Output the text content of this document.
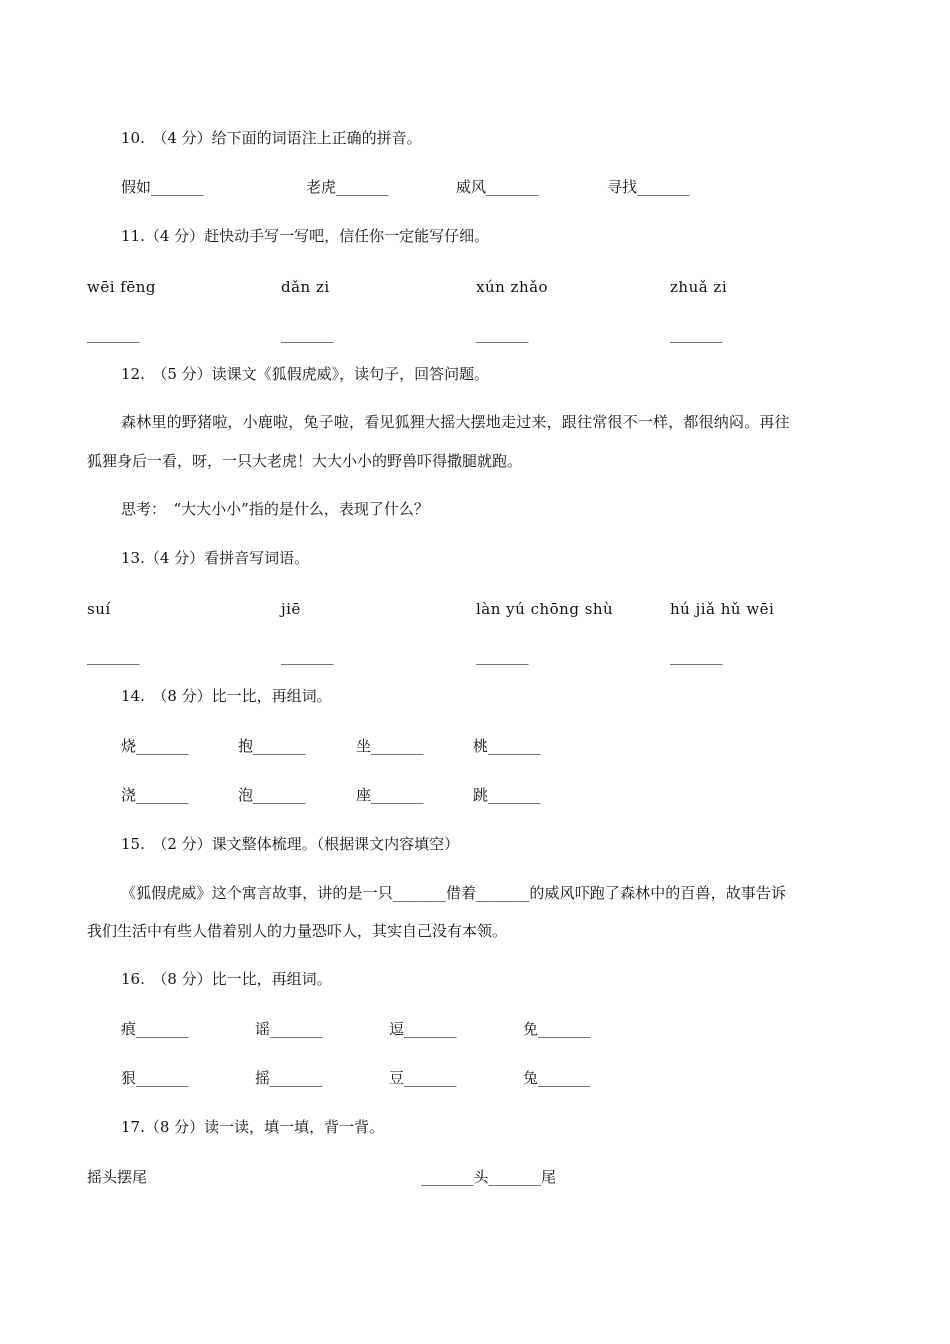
10.　（4 分）给下面的词语注上正确的拼音。
假如_______	老虎_______	威风_______	寻找_______
11.（4 分）赶快动手写一写吧，信任你一定能写仔细。
wēi fēng	dǎn zi	xún zhǎo	zhuǎ zi
_______	_______	_______	_______
12.　（5 分）读课文《狐假虎威》，读句子，回答问题。
森林里的野猪啦，小鹿啦，兔子啦，看见狐狸大摇大摆地走过来，跟往常很不一样，都很纳闷。再往
狐狸身后一看，呀，一只大老虎！大大小小的野兽吓得撒腿就跑。
思考：　“大大小小”指的是什么，表现了什么？
13.（4 分）看拼音写词语。
suí	jiē	làn yú chōng shù	hú jiǎ hǔ wēi
_______	_______	_______	_______
14.　（8 分）比一比，再组词。
烧_______	抱_______	坐_______	桃_______
浇_______	泡_______	座_______	跳_______
15.　（2 分）课文整体梳理。（根据课文内容填空）
《狐假虎威》这个寓言故事，讲的是一只_______借着_______的威风吓跑了森林中的百兽，故事告诉
我们生活中有些人借着别人的力量恐吓人，其实自己没有本领。
16.　（8 分）比一比，再组词。
痕_______	谣_______	逗_______	免_______
狠_______	摇_______	豆_______	兔_______
17.（8 分）读一读，填一填，背一背。
摇头摆尾	_______头_______尾
